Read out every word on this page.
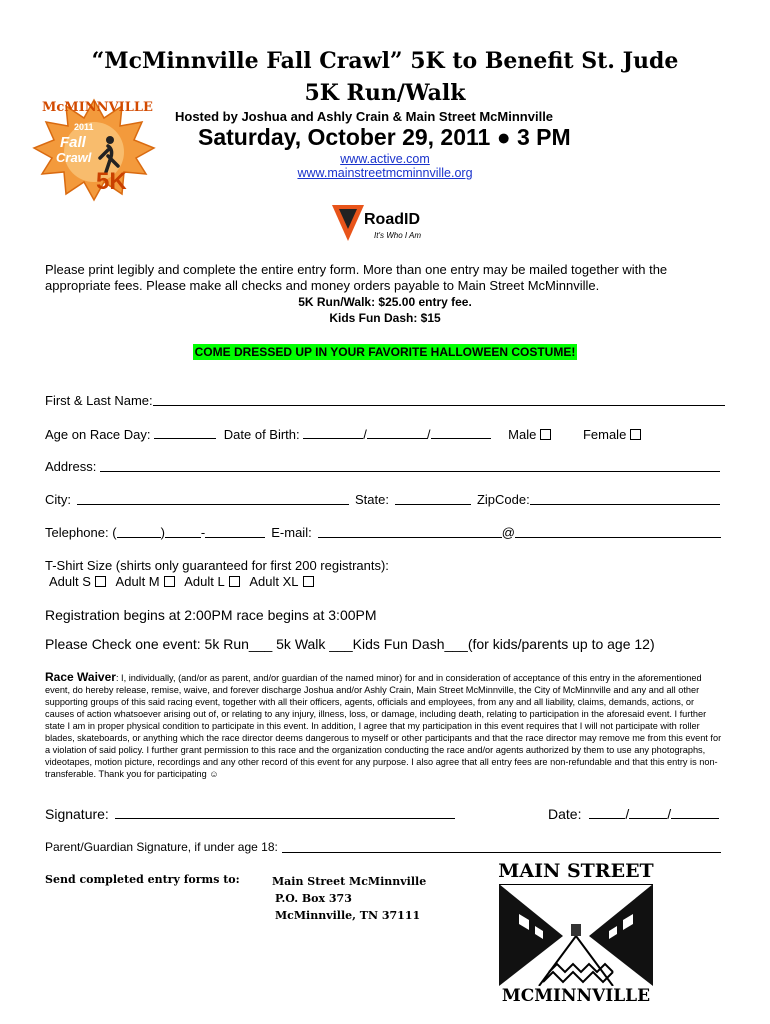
“McMinnville Fall Crawl” 5K to Benefit St. Jude
5K Run/Walk
McMINNVILLE
2011
Fall
Crawl
5K
Hosted by Joshua and Ashly Crain & Main Street McMinnville
Saturday, October 29, 2011 ● 3 PM
www.active.com
www.mainstreetmcminnville.org
RoadID
It's Who I Am
Please print legibly and complete the entire entry form. More than one entry may be mailed together with the appropriate fees. Please make all checks and money orders payable to Main Street McMinnville.
5K Run/Walk: $25.00 entry fee.
Kids Fun Dash: $15
COME DRESSED UP IN YOUR FAVORITE HALLOWEEN COSTUME!
First & Last Name:
Age on Race Day:	Date of Birth:	/	/	Male	Female
Address:
City:	State:	ZipCode:
Telephone: (	)	-	E-mail:	@
T-Shirt Size (shirts only guaranteed for first 200 registrants):
Adult S Adult M Adult L Adult XL
Registration begins at 2:00PM race begins at 3:00PM
Please Check one event: 5k Run___ 5k Walk ___Kids Fun Dash___(for kids/parents up to age 12)
Race Waiver: I, individually, (and/or as parent, and/or guardian of the named minor) for and in consideration of acceptance of this entry in the aforementioned event, do hereby release, remise, waive, and forever discharge Joshua and/or Ashly Crain, Main Street McMinnville, the City of McMinnville and any and all other supporting groups of this said racing event, together with all their officers, agents, officials and employees, from any and all liability, claims, demands, actions, or causes of action whatsoever arising out of, or relating to any injury, illness, loss, or damage, including death, relating to participation in the aforesaid event. I further state I am in proper physical condition to participate in this event. In addition, I agree that my participation in this event requires that I will not participate with roller blades, skateboards, or anything which the race director deems dangerous to myself or other participants and that the race director may remove me from this event for a violation of said policy. I further grant permission to this race and the organization conducting the race and/or agents authorized by them to use any photographs, videotapes, motion picture, recordings and any other record of this event for any purpose. I also agree that all entry fees are non-refundable and that this entry is non-transferable. Thank you for participating ☺
Signature:	Date:	/	/
Parent/Guardian Signature, if under age 18:
Send completed entry forms to:	Main Street McMinnville
P.O. Box 373
McMinnville, TN 37111
MAIN STREET
MCMINNVILLE
